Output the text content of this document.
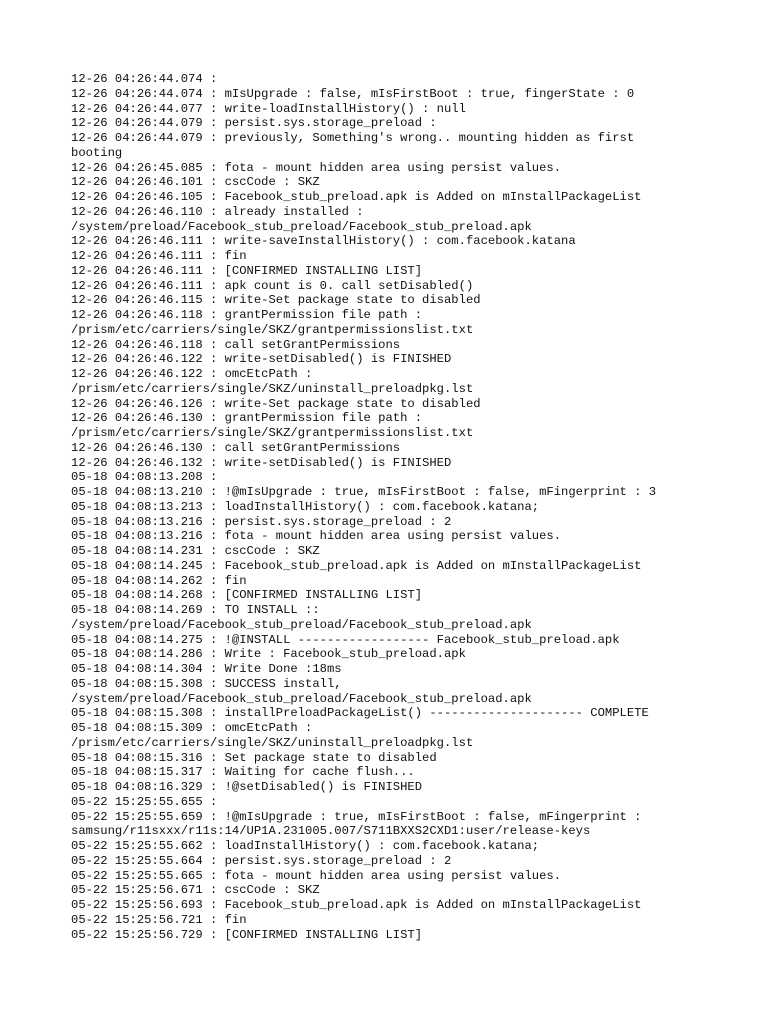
12-26 04:26:44.074 :
12-26 04:26:44.074 : mIsUpgrade : false, mIsFirstBoot : true, fingerState : 0
12-26 04:26:44.077 : write-loadInstallHistory() : null
12-26 04:26:44.079 : persist.sys.storage_preload :
12-26 04:26:44.079 : previously, Something's wrong.. mounting hidden as first
booting
12-26 04:26:45.085 : fota - mount hidden area using persist values.
12-26 04:26:46.101 : cscCode : SKZ
12-26 04:26:46.105 : Facebook_stub_preload.apk is Added on mInstallPackageList
12-26 04:26:46.110 : already installed :
/system/preload/Facebook_stub_preload/Facebook_stub_preload.apk
12-26 04:26:46.111 : write-saveInstallHistory() : com.facebook.katana
12-26 04:26:46.111 : fin
12-26 04:26:46.111 : [CONFIRMED INSTALLING LIST]
12-26 04:26:46.111 : apk count is 0. call setDisabled()
12-26 04:26:46.115 : write-Set package state to disabled
12-26 04:26:46.118 : grantPermission file path :
/prism/etc/carriers/single/SKZ/grantpermissionslist.txt
12-26 04:26:46.118 : call setGrantPermissions
12-26 04:26:46.122 : write-setDisabled() is FINISHED
12-26 04:26:46.122 : omcEtcPath :
/prism/etc/carriers/single/SKZ/uninstall_preloadpkg.lst
12-26 04:26:46.126 : write-Set package state to disabled
12-26 04:26:46.130 : grantPermission file path :
/prism/etc/carriers/single/SKZ/grantpermissionslist.txt
12-26 04:26:46.130 : call setGrantPermissions
12-26 04:26:46.132 : write-setDisabled() is FINISHED
05-18 04:08:13.208 :
05-18 04:08:13.210 : !@mIsUpgrade : true, mIsFirstBoot : false, mFingerprint : 3
05-18 04:08:13.213 : loadInstallHistory() : com.facebook.katana;
05-18 04:08:13.216 : persist.sys.storage_preload : 2
05-18 04:08:13.216 : fota - mount hidden area using persist values.
05-18 04:08:14.231 : cscCode : SKZ
05-18 04:08:14.245 : Facebook_stub_preload.apk is Added on mInstallPackageList
05-18 04:08:14.262 : fin
05-18 04:08:14.268 : [CONFIRMED INSTALLING LIST]
05-18 04:08:14.269 : TO INSTALL ::
/system/preload/Facebook_stub_preload/Facebook_stub_preload.apk
05-18 04:08:14.275 : !@INSTALL ------------------ Facebook_stub_preload.apk
05-18 04:08:14.286 : Write : Facebook_stub_preload.apk
05-18 04:08:14.304 : Write Done :18ms
05-18 04:08:15.308 : SUCCESS install,
/system/preload/Facebook_stub_preload/Facebook_stub_preload.apk
05-18 04:08:15.308 : installPreloadPackageList() --------------------- COMPLETE
05-18 04:08:15.309 : omcEtcPath :
/prism/etc/carriers/single/SKZ/uninstall_preloadpkg.lst
05-18 04:08:15.316 : Set package state to disabled
05-18 04:08:15.317 : Waiting for cache flush...
05-18 04:08:16.329 : !@setDisabled() is FINISHED
05-22 15:25:55.655 :
05-22 15:25:55.659 : !@mIsUpgrade : true, mIsFirstBoot : false, mFingerprint :
samsung/r11sxxx/r11s:14/UP1A.231005.007/S711BXXS2CXD1:user/release-keys
05-22 15:25:55.662 : loadInstallHistory() : com.facebook.katana;
05-22 15:25:55.664 : persist.sys.storage_preload : 2
05-22 15:25:55.665 : fota - mount hidden area using persist values.
05-22 15:25:56.671 : cscCode : SKZ
05-22 15:25:56.693 : Facebook_stub_preload.apk is Added on mInstallPackageList
05-22 15:25:56.721 : fin
05-22 15:25:56.729 : [CONFIRMED INSTALLING LIST]
